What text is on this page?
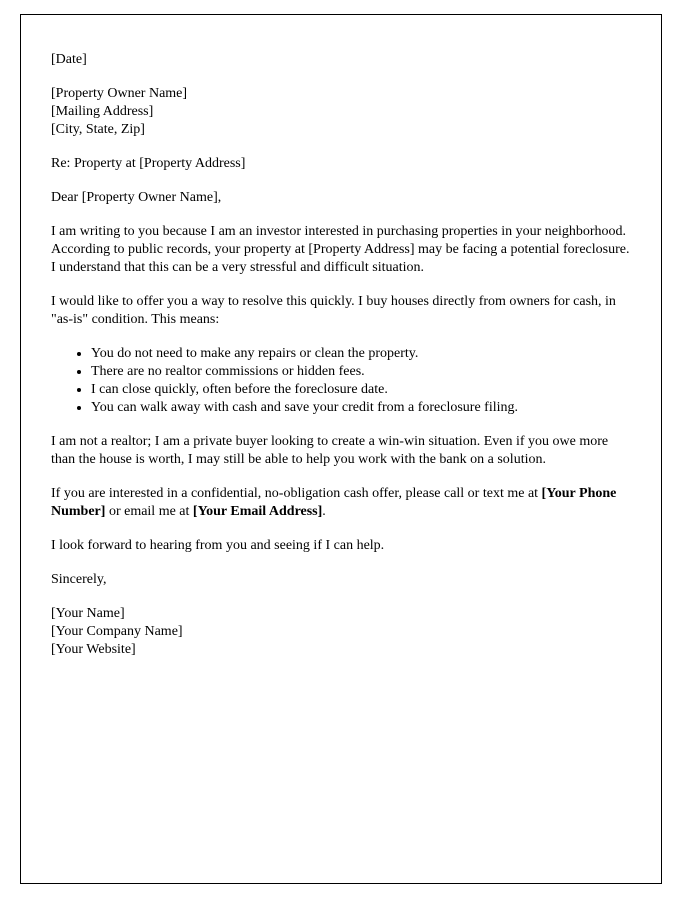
[Date]

[Property Owner Name]
[Mailing Address]
[City, State, Zip]

Re: Property at [Property Address]

Dear [Property Owner Name],

I am writing to you because I am an investor interested in purchasing properties in your neighborhood. According to public records, your property at [Property Address] may be facing a potential foreclosure. I understand that this can be a very stressful and difficult situation.

I would like to offer you a way to resolve this quickly. I buy houses directly from owners for cash, in "as-is" condition. This means:

• You do not need to make any repairs or clean the property.
• There are no realtor commissions or hidden fees.
• I can close quickly, often before the foreclosure date.
• You can walk away with cash and save your credit from a foreclosure filing.

I am not a realtor; I am a private buyer looking to create a win-win situation. Even if you owe more than the house is worth, I may still be able to help you work with the bank on a solution.

If you are interested in a confidential, no-obligation cash offer, please call or text me at [Your Phone Number] or email me at [Your Email Address].

I look forward to hearing from you and seeing if I can help.

Sincerely,

[Your Name]
[Your Company Name]
[Your Website]
